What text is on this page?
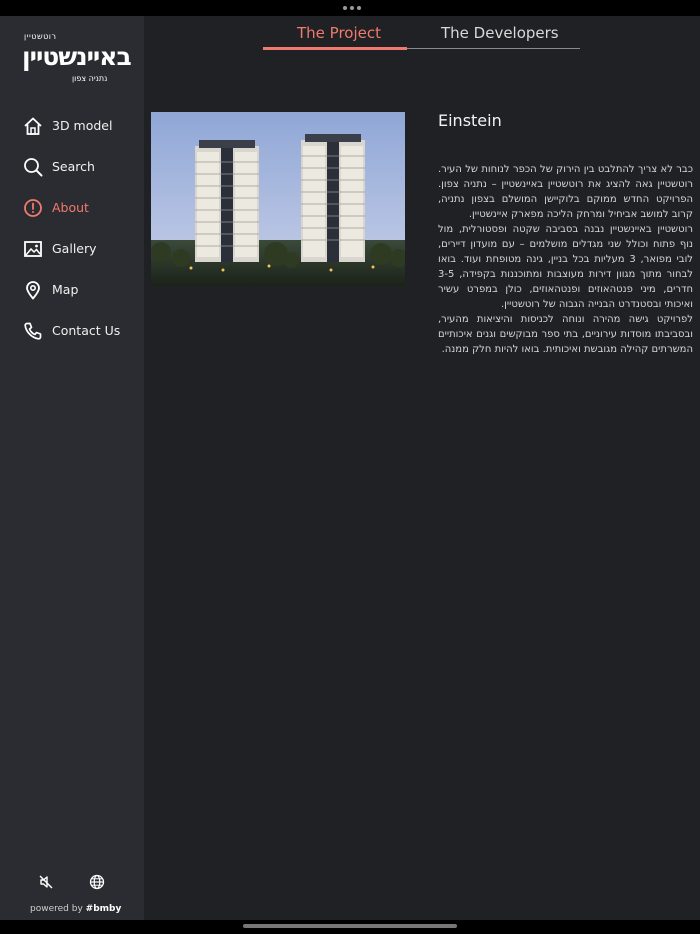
רוטשטיין
באיינשטיין
נתניה צפון
3D model
Search
About
Gallery
Map
Contact Us
powered by #bmby
The Project	The Developers
Einstein

כבר לא צריך להתלבט בין הירוק של הכפר לנוחות של העיר. רוטשטיין גאה להציג את רוטשטיין באיינשטיין – נתניה צפון. הפרויקט החדש ממוקם בלוקיישן המושלם בצפון נתניה, קרוב למושב אביחיל ומרחק הליכה מפארק איינשטיין.

רוטשטיין באיינשטיין נבנה בסביבה שקטה ופסטורלית, מול נוף פתוח וכולל שני מגדלים מושלמים – עם מועדון דיירים, לובי מפואר, 3 מעליות בכל בניין, גינה מטופחת ועוד. בואו לבחור מתוך מגוון דירות מעוצבות ומתוכננות בקפידה, 3-5 חדרים, מיני פנטהאוזים ופנטהאוזים, כולן במפרט עשיר ואיכותי ובסטנדרט הבנייה הגבוה של רוטשטיין.

לפרויקט גישה מהירה ונוחה לכניסות והיציאות מהעיר, ובסביבתו מוסדות עירוניים, בתי ספר מבוקשים וגנים איכותיים המשרתים קהילה מגובשת ואיכותית. בואו להיות חלק ממנה.
